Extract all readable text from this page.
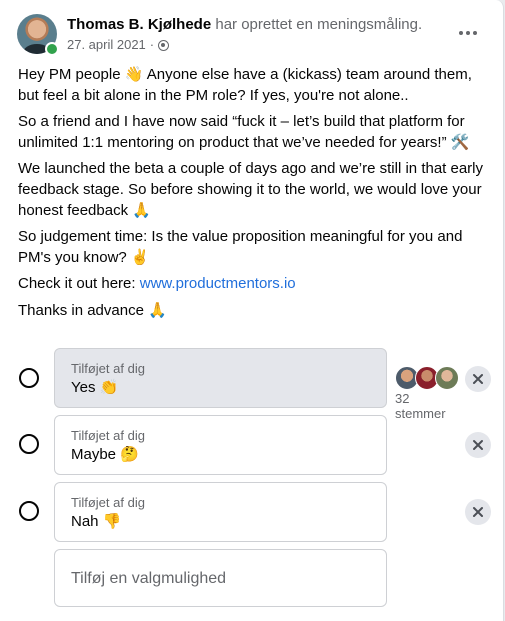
Thomas B. Kjølhede har oprettet en meningsmåling.
27. april 2021 ·

Hey PM people 👋 Anyone else have a (kickass) team around them, but feel a bit alone in the PM role? If yes, you're not alone..

So a friend and I have now said “fuck it – let’s build that platform for unlimited 1:1 mentoring on product that we’ve needed for years!” 🛠️

We launched the beta a couple of days ago and we’re still in that early feedback stage. So before showing it to the world, we would love your honest feedback 🙏

So judgement time: Is the value proposition meaningful for you and PM's you know? ✌️

Check it out here: www.productmentors.io

Thanks in advance 🙏

Tilføjet af dig
Yes 👏
32 stemmer
Tilføjet af dig
Maybe 🤔
Tilføjet af dig
Nah 👎
Tilføj en valgmulighed
